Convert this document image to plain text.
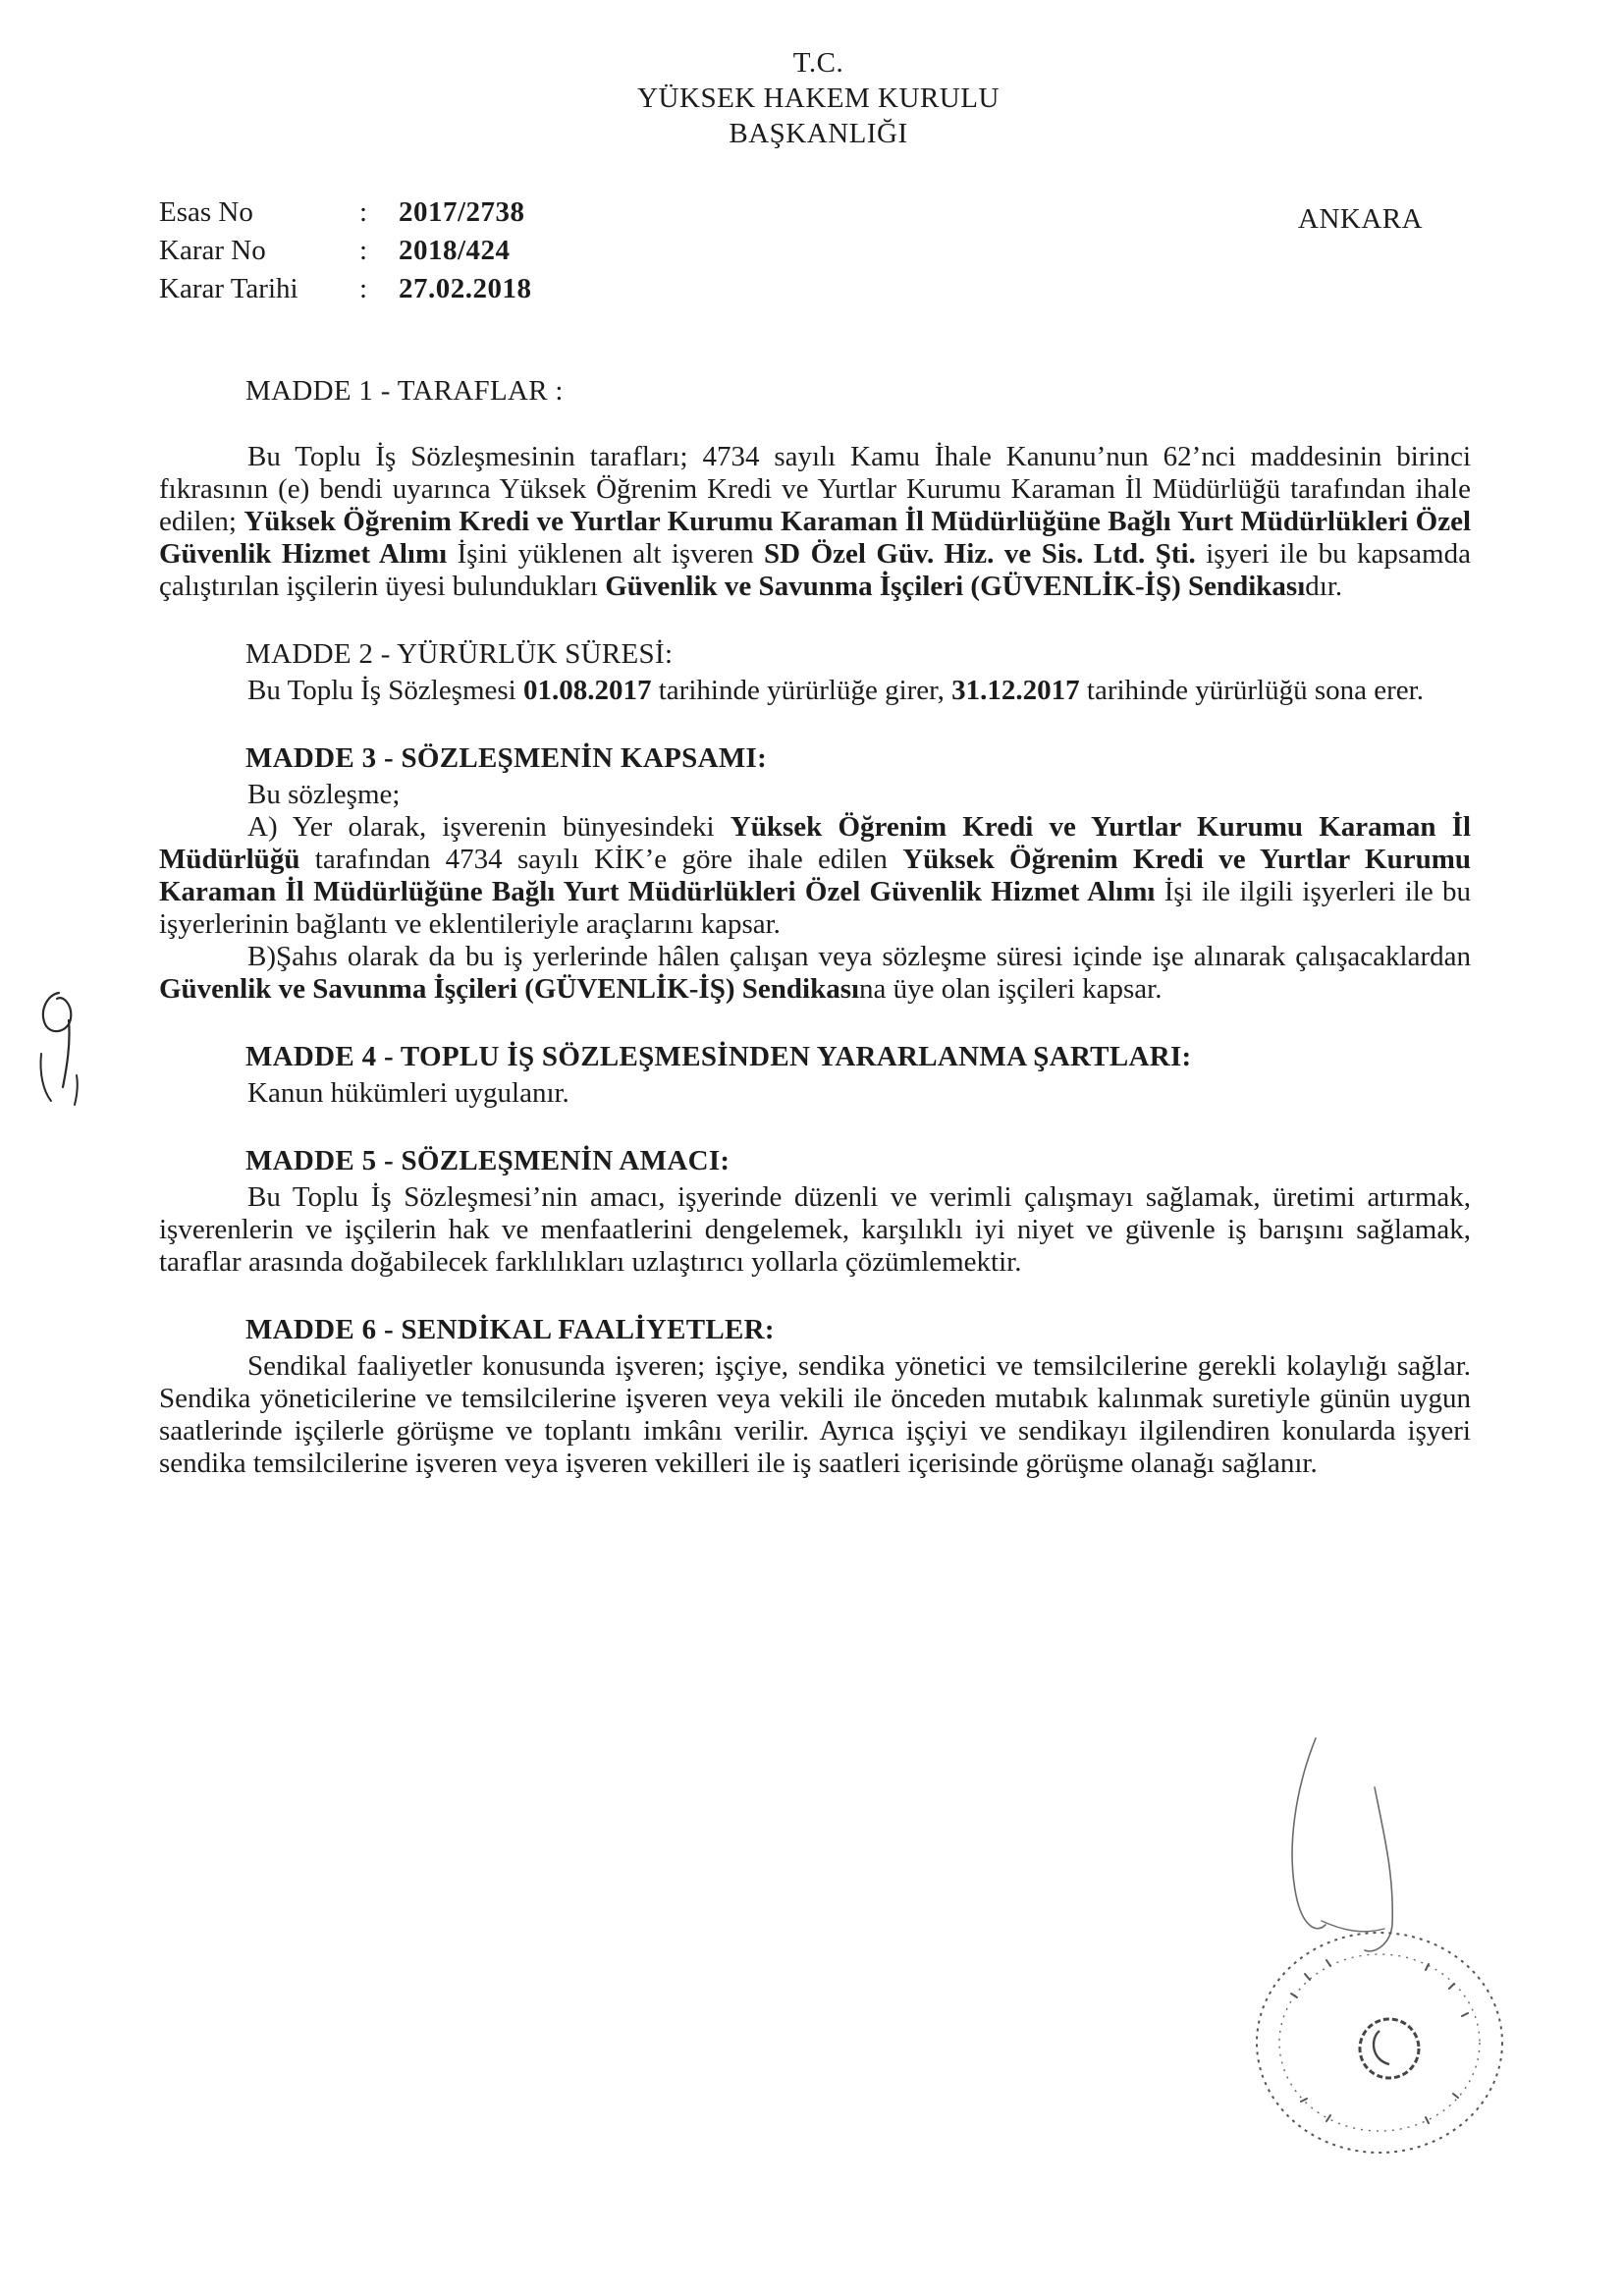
T.C.
YÜKSEK HAKEM KURULU
BAŞKANLIĞI
Esas No	:	2017/2738
Karar No	:	2018/424
Karar Tarihi	:	27.02.2018
ANKARA
MADDE 1 - TARAFLAR :

Bu Toplu İş Sözleşmesinin tarafları; 4734 sayılı Kamu İhale Kanunu’nun 62’nci maddesinin birinci fıkrasının (e) bendi uyarınca Yüksek Öğrenim Kredi ve Yurtlar Kurumu Karaman İl Müdürlüğü tarafından ihale edilen; Yüksek Öğrenim Kredi ve Yurtlar Kurumu Karaman İl Müdürlüğüne Bağlı Yurt Müdürlükleri Özel Güvenlik Hizmet Alımı İşini yüklenen alt işveren SD Özel Güv. Hiz. ve Sis. Ltd. Şti. işyeri ile bu kapsamda çalıştırılan işçilerin üyesi bulundukları Güvenlik ve Savunma İşçileri (GÜVENLİK-İŞ) Sendikasıdır.

MADDE 2 - YÜRÜRLÜK SÜRESİ:

Bu Toplu İş Sözleşmesi 01.08.2017 tarihinde yürürlüğe girer, 31.12.2017 tarihinde yürürlüğü sona erer.

MADDE 3 - SÖZLEŞMENİN KAPSAMI:

Bu sözleşme;

A) Yer olarak, işverenin bünyesindeki Yüksek Öğrenim Kredi ve Yurtlar Kurumu Karaman İl Müdürlüğü tarafından 4734 sayılı KİK’e göre ihale edilen Yüksek Öğrenim Kredi ve Yurtlar Kurumu Karaman İl Müdürlüğüne Bağlı Yurt Müdürlükleri Özel Güvenlik Hizmet Alımı İşi ile ilgili işyerleri ile bu işyerlerinin bağlantı ve eklentileriyle araçlarını kapsar.

B)Şahıs olarak da bu iş yerlerinde hâlen çalışan veya sözleşme süresi içinde işe alınarak çalışacaklardan Güvenlik ve Savunma İşçileri (GÜVENLİK-İŞ) Sendikasına üye olan işçileri kapsar.

MADDE 4 - TOPLU İŞ SÖZLEŞMESİNDEN YARARLANMA ŞARTLARI:

Kanun hükümleri uygulanır.

MADDE 5 - SÖZLEŞMENİN AMACI:

Bu Toplu İş Sözleşmesi’nin amacı, işyerinde düzenli ve verimli çalışmayı sağlamak, üretimi artırmak, işverenlerin ve işçilerin hak ve menfaatlerini dengelemek, karşılıklı iyi niyet ve güvenle iş barışını sağlamak, taraflar arasında doğabilecek farklılıkları uzlaştırıcı yollarla çözümlemektir.

MADDE 6 - SENDİKAL FAALİYETLER:

Sendikal faaliyetler konusunda işveren; işçiye, sendika yönetici ve temsilcilerine gerekli kolaylığı sağlar. Sendika yöneticilerine ve temsilcilerine işveren veya vekili ile önceden mutabık kalınmak suretiyle günün uygun saatlerinde işçilerle görüşme ve toplantı imkânı verilir. Ayrıca işçiyi ve sendikayı ilgilendiren konularda işyeri sendika temsilcilerine işveren veya işveren vekilleri ile iş saatleri içerisinde görüşme olanağı sağlanır.
